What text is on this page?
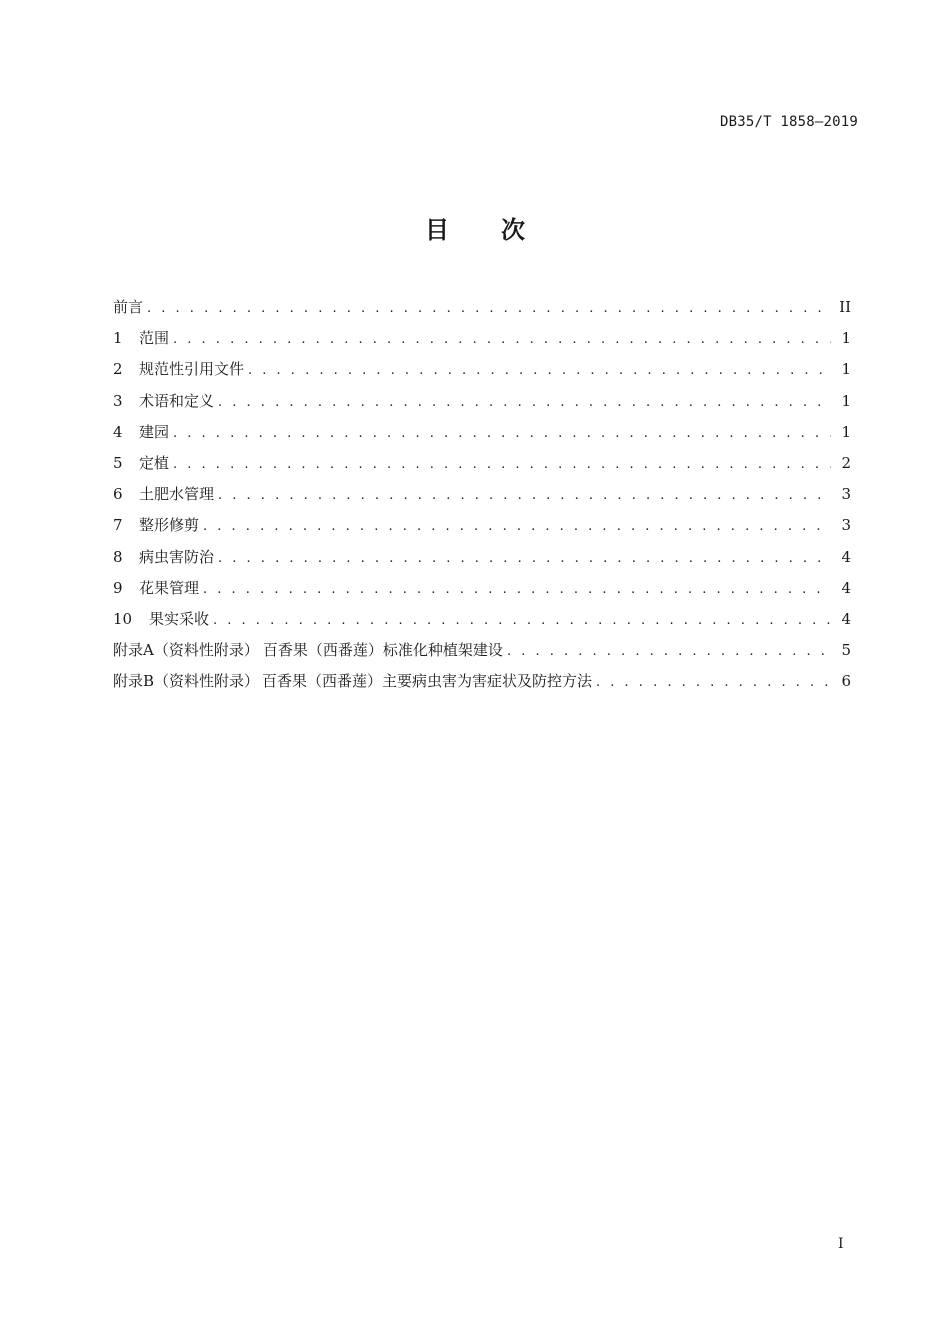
DB35/T 1858—2019
目次
前言 . . .	II
1	范围 . . .	1
2	规范性引用文件 . . .	1
3	术语和定义 . . .	1
4	建园 . . .	1
5	定植 . . .	2
6	土肥水管理 . . .	3
7	整形修剪 . . .	3
8	病虫害防治 . . .	4
9	花果管理 . . .	4
10	果实采收 . . .	4
附录A（资料性附录） 百香果（西番莲）标准化种植架建设 . . .	5
附录B（资料性附录） 百香果（西番莲）主要病虫害为害症状及防控方法 . . .	6
I
